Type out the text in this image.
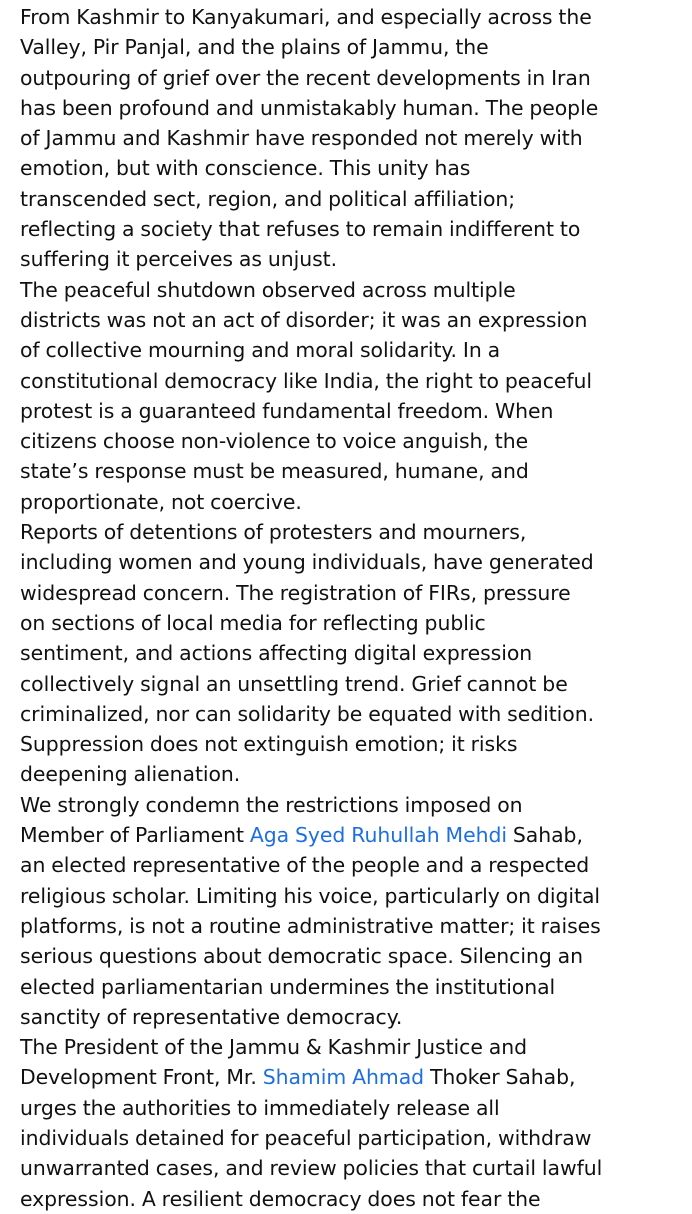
From Kashmir to Kanyakumari, and especially across the
Valley, Pir Panjal, and the plains of Jammu, the
outpouring of grief over the recent developments in Iran
has been profound and unmistakably human. The people
of Jammu and Kashmir have responded not merely with
emotion, but with conscience. This unity has
transcended sect, region, and political affiliation;
reflecting a society that refuses to remain indifferent to
suffering it perceives as unjust.
The peaceful shutdown observed across multiple
districts was not an act of disorder; it was an expression
of collective mourning and moral solidarity. In a
constitutional democracy like India, the right to peaceful
protest is a guaranteed fundamental freedom. When
citizens choose non-violence to voice anguish, the
state’s response must be measured, humane, and
proportionate, not coercive.
Reports of detentions of protesters and mourners,
including women and young individuals, have generated
widespread concern. The registration of FIRs, pressure
on sections of local media for reflecting public
sentiment, and actions affecting digital expression
collectively signal an unsettling trend. Grief cannot be
criminalized, nor can solidarity be equated with sedition.
Suppression does not extinguish emotion; it risks
deepening alienation.
We strongly condemn the restrictions imposed on
Member of Parliament Aga Syed Ruhullah Mehdi Sahab,
an elected representative of the people and a respected
religious scholar. Limiting his voice, particularly on digital
platforms, is not a routine administrative matter; it raises
serious questions about democratic space. Silencing an
elected parliamentarian undermines the institutional
sanctity of representative democracy.
The President of the Jammu & Kashmir Justice and
Development Front, Mr. Shamim Ahmad Thoker Sahab,
urges the authorities to immediately release all
individuals detained for peaceful participation, withdraw
unwarranted cases, and review policies that curtail lawful
expression. A resilient democracy does not fear the
